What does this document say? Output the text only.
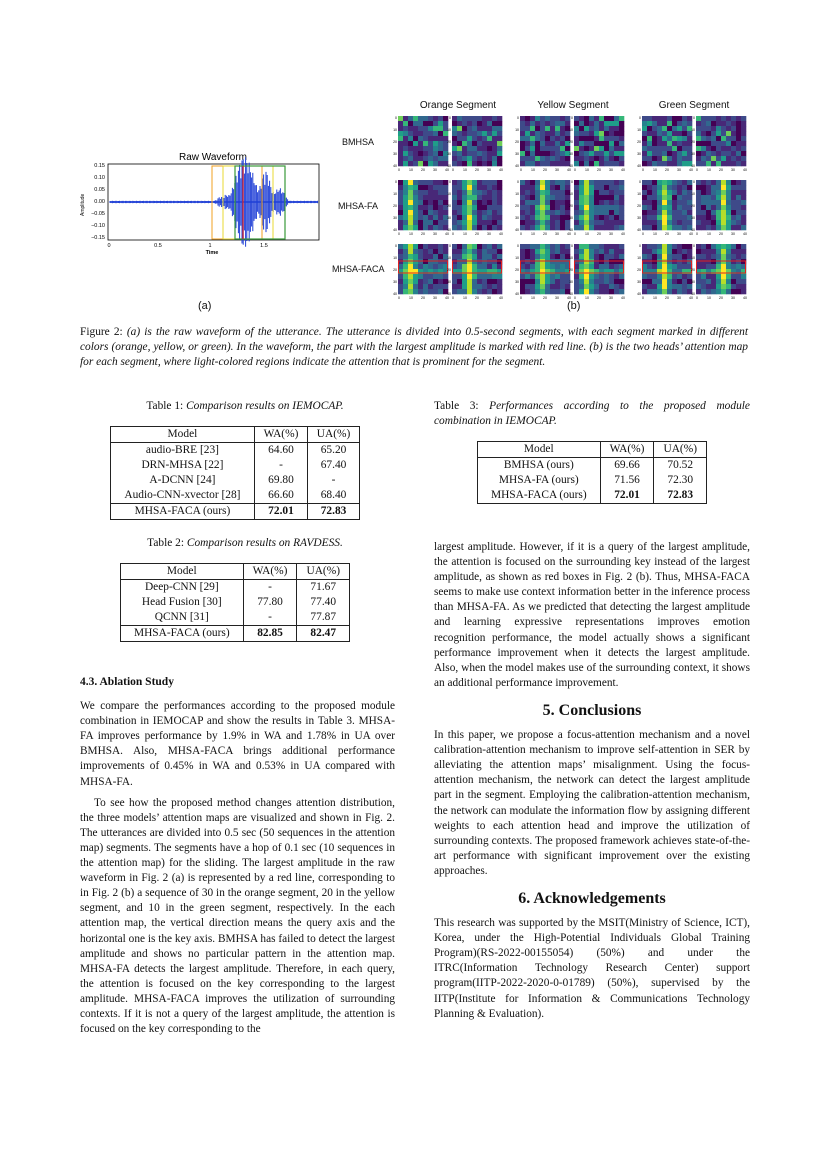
Raw Waveform
0.15
0.10
0.05
0.00
−0.05
−0.10
−0.15
Amplitude
0	0.5	1	1.5
Time
(a)
Orange Segment	Yellow Segment	Green Segment
BMHSA
MHSA-FA
MHSA-FACA
0
0
10
10
20
20
30
30
40
40
0
0
10
10
20
20
30
30
40
40
0
0
10
10
20
20
30
30
40
40
0
0
10
10
20
20
30
30
40
40
0
0
10
10
20
20
30
30
40
40
0
0
10
10
20
20
30
30
40
40
0
0
10
10
20
20
30
30
40
40
0
0
10
10
20
20
30
30
40
40
0
0
10
10
20
20
30
30
40
40
0
0
10
10
20
20
30
30
40
40
0
0
10
10
20
20
30
30
40
40
0
0
10
10
20
20
30
30
40
40
0
0
10
10
20
20
30
30
40
40
0
0
10
10
20
20
30
30
40
40
0
0
10
10
20
20
30
30
40
40
0
0
10
10
20
20
30
30
40
40
0
0
10
10
20
20
30
30
40
40
0
0
10
10
20
20
30
30
40
40
(b)
Figure 2: (a) is the raw waveform of the utterance. The utterance is divided into 0.5-second segments, with each segment marked in different colors (orange, yellow, or green). In the waveform, the part with the largest amplitude is marked with red line. (b) is the two heads’ attention map for each segment, where light-colored regions indicate the attention that is prominent for the segment.
Table 1: Comparison results on IEMOCAP.
Model	WA(%)	UA(%)
audio-BRE [23]	64.60	65.20
DRN-MHSA [22]	-	67.40
A-DCNN [24]	69.80	-
Audio-CNN-xvector [28]	66.60	68.40
MHSA-FACA (ours)	72.01	72.83
Table 2: Comparison results on RAVDESS.
Model	WA(%)	UA(%)
Deep-CNN [29]	-	71.67
Head Fusion [30]	77.80	77.40
QCNN [31]	-	77.87
MHSA-FACA (ours)	82.85	82.47
Table 3: Performances according to the proposed module combination in IEMOCAP.
Model	WA(%)	UA(%)
BMHSA (ours)	69.66	70.52
MHSA-FA (ours)	71.56	72.30
MHSA-FACA (ours)	72.01	72.83
4.3. Ablation Study

We compare the performances according to the proposed module combination in IEMOCAP and show the results in Table 3. MHSA-FA improves performance by 1.9% in WA and 1.78% in UA over BMHSA. Also, MHSA-FACA brings additional performance improvements of 0.45% in WA and 0.53% in UA compared with MHSA-FA.

To see how the proposed method changes attention distribution, the three models’ attention maps are visualized and shown in Fig. 2. The utterances are divided into 0.5 sec (50 sequences in the attention map) segments. The segments have a hop of 0.1 sec (10 sequences in the attention map) for the sliding. The largest amplitude in the raw waveform in Fig. 2 (a) is represented by a red line, corresponding to in Fig. 2 (b) a sequence of 30 in the orange segment, 20 in the yellow segment, and 10 in the green segment, respectively. In the each attention map, the vertical direction means the query axis and the horizontal one is the key axis. BMHSA has failed to detect the largest amplitude and shows no particular pattern in the attention map. MHSA-FA detects the largest amplitude. Therefore, in each query, the attention is focused on the key corresponding to the largest amplitude. MHSA-FACA improves the utilization of surrounding contexts. If it is not a query of the largest amplitude, the attention is focused on the key corresponding to the

largest amplitude. However, if it is a query of the largest amplitude, the attention is focused on the surrounding key instead of the largest amplitude, as shown as red boxes in Fig. 2 (b). Thus, MHSA-FACA seems to make use context information better in the inference process than MHSA-FA. As we predicted that detecting the largest amplitude and learning expressive representations improves emotion recognition performance, the model actually shows a significant performance improvement when it detects the largest amplitude. Also, when the model makes use of the surrounding context, it shows an additional performance improvement.

5. Conclusions

In this paper, we propose a focus-attention mechanism and a novel calibration-attention mechanism to improve self-attention in SER by alleviating the attention maps’ misalignment. Using the focus-attention mechanism, the network can detect the largest amplitude part in the segment. Employing the calibration-attention mechanism, the network can modulate the information flow by assigning different weights to each attention head and improve the utilization of surrounding contexts. The proposed framework achieves state-of-the-art performance with significant improvement over the existing approaches.

6. Acknowledgements

This research was supported by the MSIT(Ministry of Science, ICT), Korea, under the High-Potential Individuals Global Training Program)(RS-2022-00155054) (50%) and under the ITRC(Information Technology Research Center) support program(IITP-2022-2020-0-01789) (50%), supervised by the IITP(Institute for Information & Communications Technology Planning & Evaluation).
